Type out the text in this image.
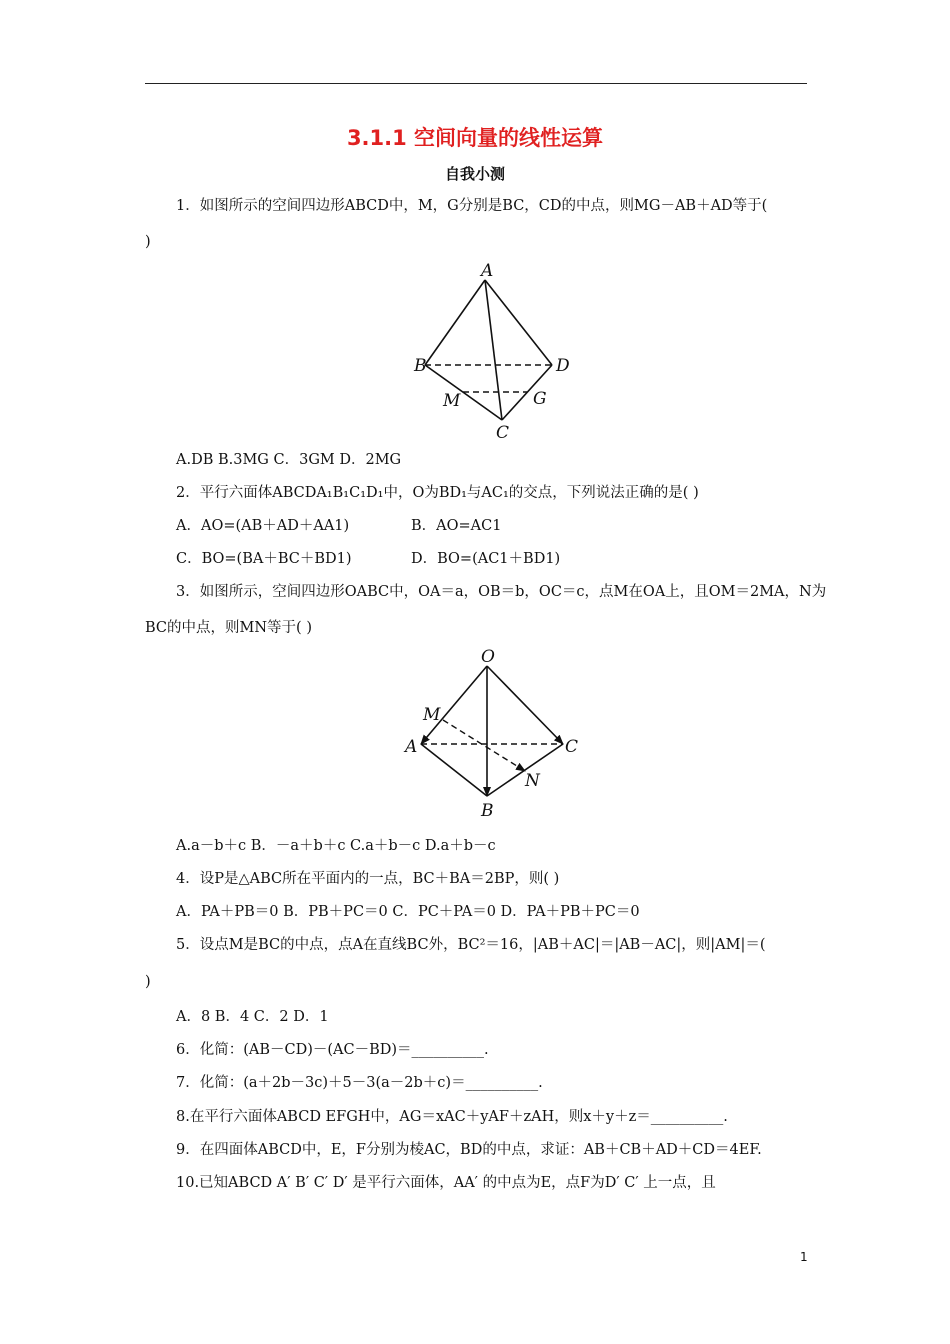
3.1.1 空间向量的线性运算
自我小测
1．如图所示的空间四边形ABCD中，M，G分别是BC，CD的中点，则MG－AB＋AD等于(
)
A
B	D
M	G
C
A.DB B.3MG C．3GM D．2MG
2．平行六面体ABCDA₁B₁C₁D₁中，O为BD₁与AC₁的交点，下列说法正确的是( )
A．AO=(AB＋AD＋AA1)	B．AO=AC1
C．BO=(BA＋BC＋BD1)	D．BO=(AC1＋BD1)
3．如图所示，空间四边形OABC中，OA＝a，OB＝b，OC＝c，点M在OA上，且OM＝2MA，N为
BC的中点，则MN等于( )
O
M
A	C
N
B
A.a－b＋c B．－a＋b＋c C.a＋b－c D.a＋b－c
4．设P是△ABC所在平面内的一点，BC＋BA＝2BP，则( )
A．PA＋PB＝0 B．PB＋PC＝0 C．PC＋PA＝0 D．PA＋PB＋PC＝0
5．设点M是BC的中点，点A在直线BC外，BC²＝16，|AB＋AC|＝|AB－AC|，则|AM|＝(
)
A．8 B．4 C．2 D．1
6．化简：(AB－CD)－(AC－BD)＝__________.
7．化简：(a＋2b－3c)＋5－3(a－2b＋c)＝__________.
8.在平行六面体ABCD EFGH中，AG＝xAC＋yAF＋zAH，则x＋y＋z＝__________.
9．在四面体ABCD中，E，F分别为棱AC，BD的中点，求证：AB＋CB＋AD＋CD＝4EF.
10.已知ABCD A′ B′ C′ D′ 是平行六面体，AA′ 的中点为E，点F为D′ C′ 上一点，且
1
